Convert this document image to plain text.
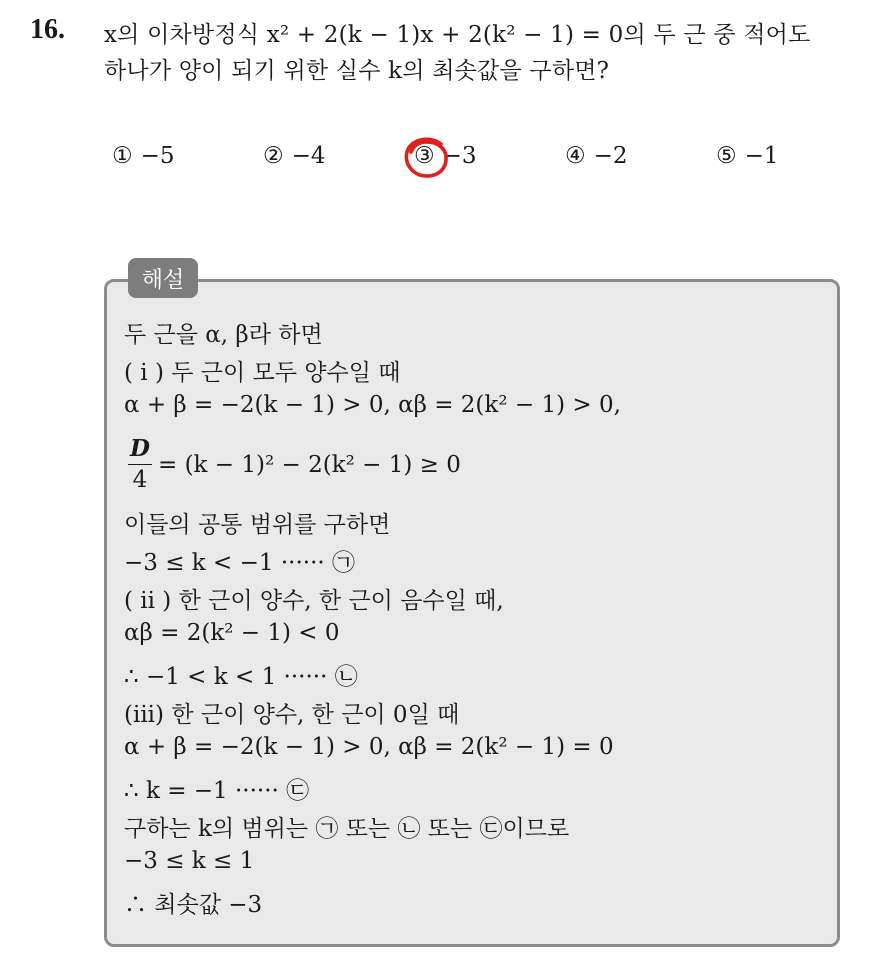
16. x의 이차방정식 x² + 2(k − 1)x + 2(k² − 1) = 0의 두 근 중 적어도
하나가 양이 되기 위한 실수 k의 최솟값을 구하면?
① −5	② −4	③ −3	④ −2	⑤ −1
해설
두 근을 α, β라 하면
( i ) 두 근이 모두 양수일 때
α + β = −2(k − 1) > 0, αβ = 2(k² − 1) > 0,
D
4
= (k − 1)² − 2(k² − 1) ≥ 0
이들의 공통 범위를 구하면
−3 ≤ k < −1 ······ ㉠
( ii ) 한 근이 양수, 한 근이 음수일 때,
αβ = 2(k² − 1) < 0
∴ −1 < k < 1 ······ ㉡
(iii) 한 근이 양수, 한 근이 0일 때
α + β = −2(k − 1) > 0, αβ = 2(k² − 1) = 0
∴ k = −1 ······ ㉢
구하는 k의 범위는 ㉠ 또는 ㉡ 또는 ㉢이므로
−3 ≤ k ≤ 1
∴ 최솟값 −3
